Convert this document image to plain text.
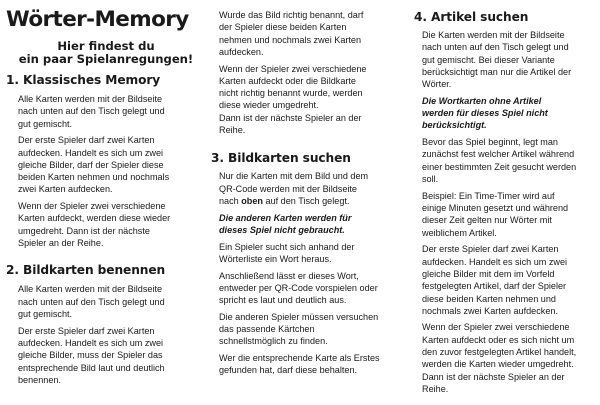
Wörter-Memory
Hier findest du
ein paar Spielanregungen!
1. Klassisches Memory
Alle Karten werden mit der Bildseite
nach unten auf den Tisch gelegt und
gut gemischt.
Der erste Spieler darf zwei Karten
aufdecken. Handelt es sich um zwei
gleiche Bilder, darf der Spieler diese
beiden Karten nehmen und nochmals
zwei Karten aufdecken.
Wenn der Spieler zwei verschiedene
Karten aufdeckt, werden diese wieder
umgedreht. Dann ist der nächste
Spieler an der Reihe.
2. Bildkarten benennen
Alle Karten werden mit der Bildseite
nach unten auf den Tisch gelegt und
gut gemischt.
Der erste Spieler darf zwei Karten
aufdecken. Handelt es sich um zwei
gleiche Bilder, muss der Spieler das
entsprechende Bild laut und deutlich
benennen.
Wurde das Bild richtig benannt, darf
der Spieler diese beiden Karten
nehmen und nochmals zwei Karten
aufdecken.
Wenn der Spieler zwei verschiedene
Karten aufdeckt oder die Bildkarte
nicht richtig benannt wurde, werden
diese wieder umgedreht.
Dann ist der nächste Spieler an der
Reihe.
3. Bildkarten suchen
Nur die Karten mit dem Bild und dem
QR-Code werden mit der Bildseite
nach oben auf den Tisch gelegt.
Die anderen Karten werden für
dieses Spiel nicht gebraucht.
Ein Spieler sucht sich anhand der
Wörterliste ein Wort heraus.
Anschließend lässt er dieses Wort,
entweder per QR-Code vorspielen oder
spricht es laut und deutlich aus.
Die anderen Spieler müssen versuchen
das passende Kärtchen
schnellstmöglich zu finden.
Wer die entsprechende Karte als Erstes
gefunden hat, darf diese behalten.
4. Artikel suchen
Die Karten werden mit der Bildseite
nach unten auf den Tisch gelegt und
gut gemischt. Bei dieser Variante
berücksichtigt man nur die Artikel der
Wörter.
Die Wortkarten ohne Artikel
werden für dieses Spiel nicht
berücksichtigt.
Bevor das Spiel beginnt, legt man
zunächst fest welcher Artikel während
einer bestimmten Zeit gesucht werden
soll.
Beispiel: Ein Time-Timer wird auf
einige Minuten gesetzt und während
dieser Zeit gelten nur Wörter mit
weiblichem Artikel.
Der erste Spieler darf zwei Karten
aufdecken. Handelt es sich um zwei
gleiche Bilder mit dem im Vorfeld
festgelegten Artikel, darf der Spieler
diese beiden Karten nehmen und
nochmals zwei Karten aufdecken.
Wenn der Spieler zwei verschiedene
Karten aufdeckt oder es sich nicht um
den zuvor festgelegten Artikel handelt,
werden die Karten wieder umgedreht.
Dann ist der nächste Spieler an der
Reihe.
